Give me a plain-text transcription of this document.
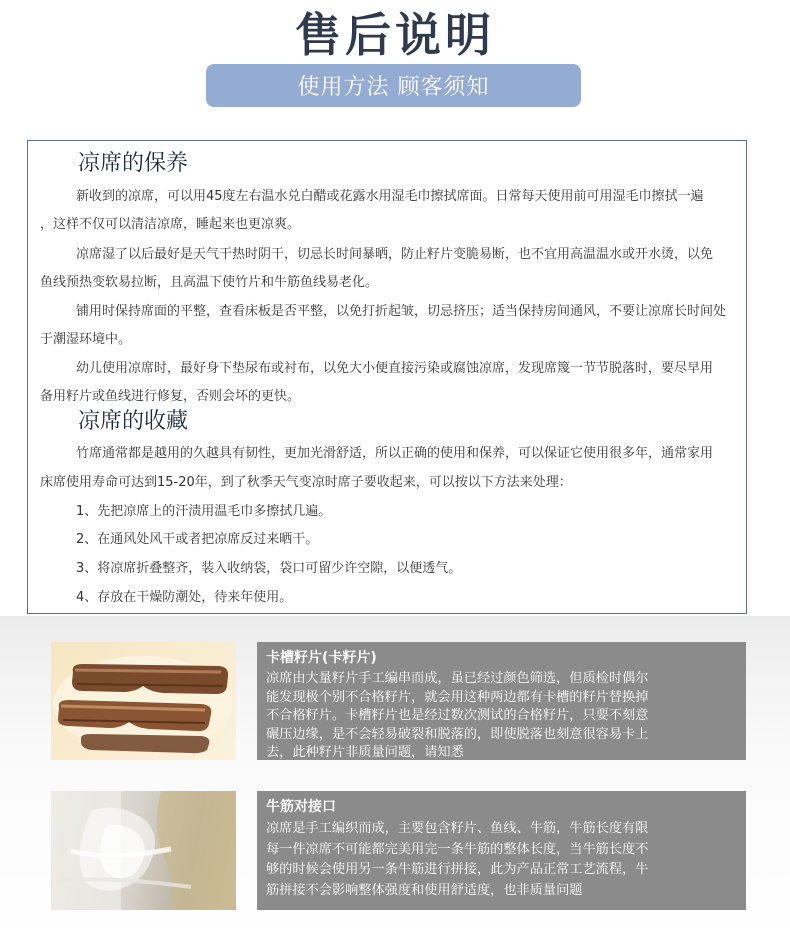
售后说明
使用方法 顾客须知
凉席的保养
新收到的凉席，可以用45度左右温水兑白醋或花露水用湿毛巾擦拭席面。日常每天使用前可用湿毛巾擦拭一遍
，这样不仅可以清洁凉席，睡起来也更凉爽。
凉席湿了以后最好是天气干热时阴干，切忌长时间暴晒，防止籽片变脆易断，也不宜用高温温水或开水烫，以免
鱼线预热变软易拉断，且高温下使竹片和牛筋鱼线易老化。
铺用时保持席面的平整，查看床板是否平整，以免打折起皱，切忌挤压；适当保持房间通风，不要让凉席长时间处
于潮湿环境中。
幼儿使用凉席时，最好身下垫尿布或衬布，以免大小便直接污染或腐蚀凉席，发现席篾一节节脱落时，要尽早用
备用籽片或鱼线进行修复，否则会坏的更快。
凉席的收藏
竹席通常都是越用的久越具有韧性，更加光滑舒适，所以正确的使用和保养，可以保证它使用很多年，通常家用
床席使用寿命可达到15-20年，到了秋季天气变凉时席子要收起来，可以按以下方法来处理：
1、先把凉席上的汗渍用温毛巾多擦拭几遍。
2、在通风处风干或者把凉席反过来晒干。
3、将凉席折叠整齐，装入收纳袋，袋口可留少许空隙，以便透气。
4、存放在干燥防潮处，待来年使用。
卡槽籽片(卡籽片)
凉席由大量籽片手工编串而成，虽已经过颜色筛选，但质检时偶尔
能发现极个别不合格籽片，就会用这种两边都有卡槽的籽片替换掉
不合格籽片。卡槽籽片也是经过数次测试的合格籽片，只要不刻意
碾压边缘，是不会轻易破裂和脱落的，即使脱落也刻意很容易卡上
去，此种籽片非质量问题，请知悉
牛筋对接口
凉席是手工编织而成，主要包含籽片、鱼线、牛筋，牛筋长度有限
每一件凉席不可能都完美用完一条牛筋的整体长度，当牛筋长度不
够的时候会使用另一条牛筋进行拼接，此为产品正常工艺流程，牛
筋拼接不会影响整体强度和使用舒适度，也非质量问题
